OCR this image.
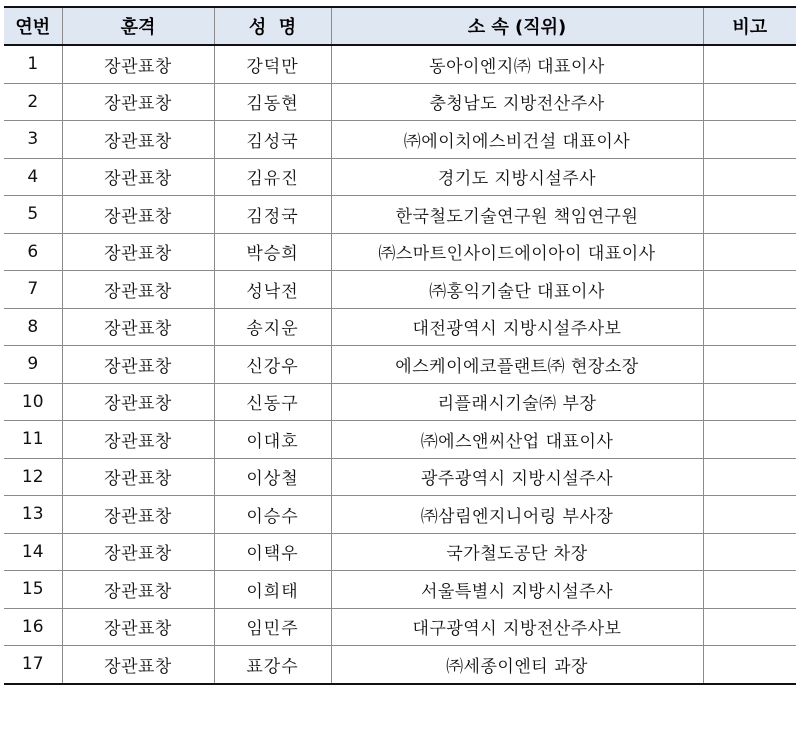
연번	훈격	성  명	소 속 (직위)	비고
1	장관표창	강덕만	동아이엔지㈜ 대표이사	
2	장관표창	김동현	충청남도 지방전산주사	
3	장관표창	김성국	㈜에이치에스비건설 대표이사	
4	장관표창	김유진	경기도 지방시설주사	
5	장관표창	김정국	한국철도기술연구원 책임연구원	
6	장관표창	박승희	㈜스마트인사이드에이아이 대표이사	
7	장관표창	성낙전	㈜홍익기술단 대표이사	
8	장관표창	송지운	대전광역시 지방시설주사보	
9	장관표창	신강우	에스케이에코플랜트㈜ 현장소장	
10	장관표창	신동구	리플래시기술㈜ 부장	
11	장관표창	이대호	㈜에스앤씨산업 대표이사	
12	장관표창	이상철	광주광역시 지방시설주사	
13	장관표창	이승수	㈜삼림엔지니어링 부사장	
14	장관표창	이택우	국가철도공단 차장	
15	장관표창	이희태	서울특별시 지방시설주사	
16	장관표창	임민주	대구광역시 지방전산주사보	
17	장관표창	표강수	㈜세종이엔티 과장	
